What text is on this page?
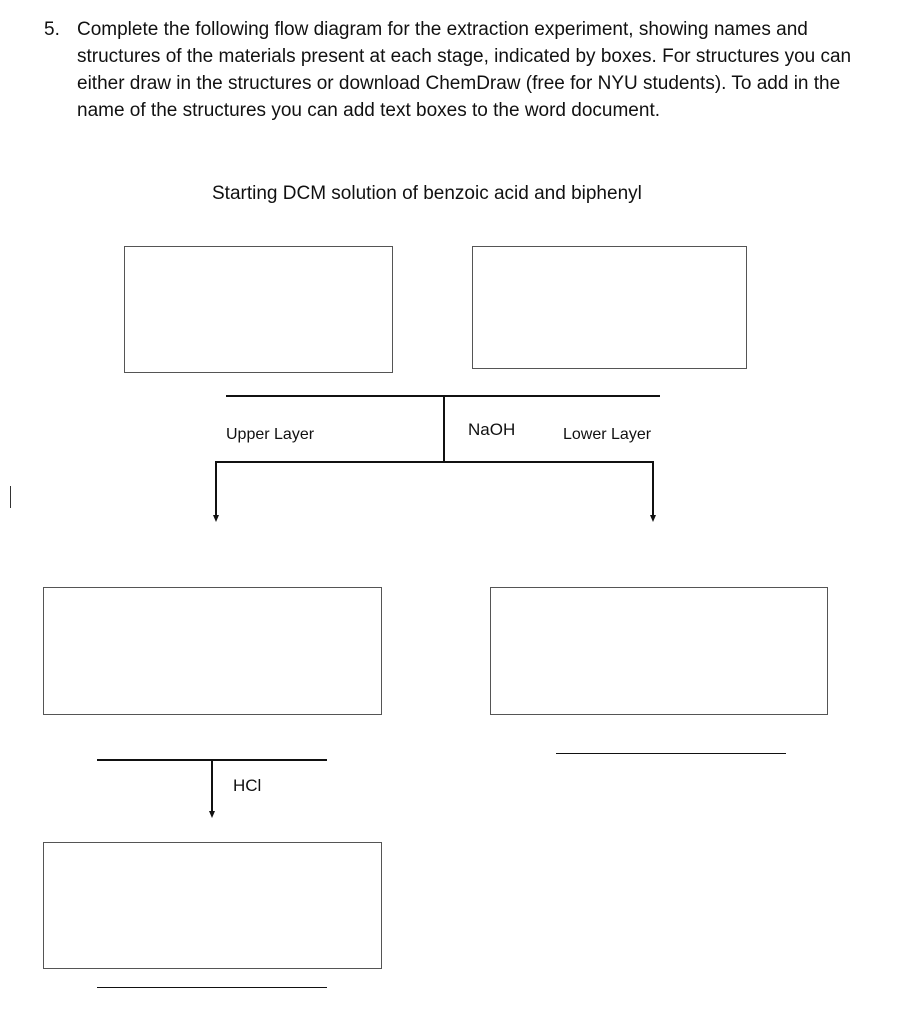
5. Complete the following flow diagram for the extraction experiment, showing names and structures of the materials present at each stage, indicated by boxes. For structures you can either draw in the structures or download ChemDraw (free for NYU students). To add in the name of the structures you can add text boxes to the word document.
Starting DCM solution of benzoic acid and biphenyl
Upper Layer	NaOH	Lower Layer
HCl
